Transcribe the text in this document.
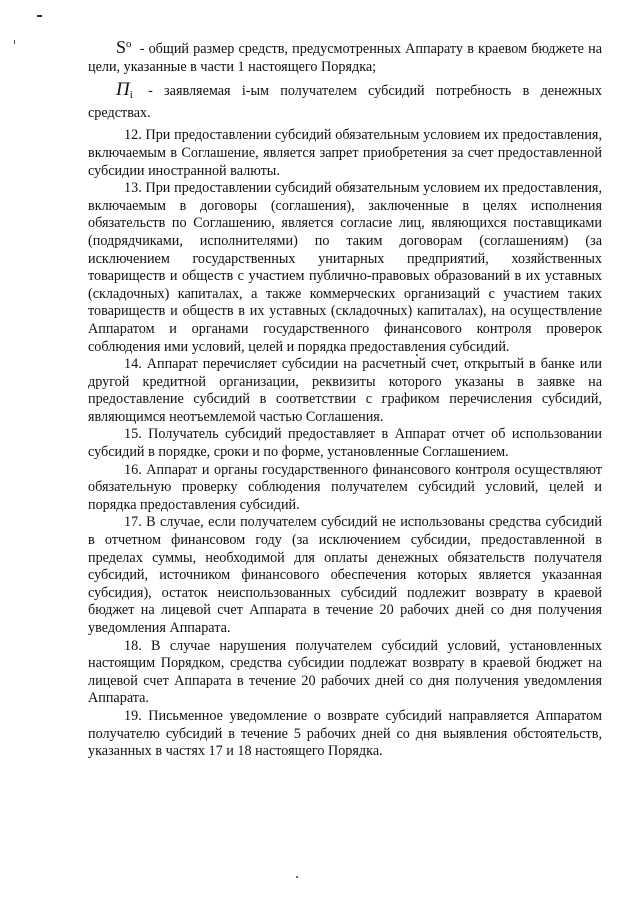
$S^о$ - общий размер средств, предусмотренных Аппарату в краевом бюджете на цели, указанные в части 1 настоящего Порядка;

$П_i$ - заявляемая i-ым получателем субсидий потребность в денежных средствах.

12. При предоставлении субсидий обязательным условием их предоставления, включаемым в Соглашение, является запрет приобретения за счет предоставленной субсидии иностранной валюты.

13. При предоставлении субсидий обязательным условием их предоставления, включаемым в договоры (соглашения), заключенные в целях исполнения обязательств по Соглашению, является согласие лиц, являющихся поставщиками (подрядчиками, исполнителями) по таким договорам (соглашениям) (за исключением государственных унитарных предприятий, хозяйственных товариществ и обществ с участием публично-правовых образований в их уставных (складочных) капиталах, а также коммерческих организаций с участием таких товариществ и обществ в их уставных (складочных) капиталах), на осуществление Аппаратом и органами государственного финансового контроля проверок соблюдения ими условий, целей и порядка предоставления субсидий.

14. Аппарат перечисляет субсидии на расчетный счет, открытый в банке или другой кредитной организации, реквизиты которого указаны в заявке на предоставление субсидий в соответствии с графиком перечисления субсидий, являющимся неотъемлемой частью Соглашения.

15. Получатель субсидий предоставляет в Аппарат отчет об использовании субсидий в порядке, сроки и по форме, установленные Соглашением.

16. Аппарат и органы государственного финансового контроля осуществляют обязательную проверку соблюдения получателем субсидий условий, целей и порядка предоставления субсидий.

17. В случае, если получателем субсидий не использованы средства субсидий в отчетном финансовом году (за исключением субсидии, предоставленной в пределах суммы, необходимой для оплаты денежных обязательств получателя субсидий, источником финансового обеспечения которых является указанная субсидия), остаток неиспользованных субсидий подлежит возврату в краевой бюджет на лицевой счет Аппарата в течение 20 рабочих дней со дня получения уведомления Аппарата.

18. В случае нарушения получателем субсидий условий, установленных настоящим Порядком, средства субсидии подлежат возврату в краевой бюджет на лицевой счет Аппарата в течение 20 рабочих дней со дня получения уведомления Аппарата.

19. Письменное уведомление о возврате субсидий направляется Аппаратом получателю субсидий в течение 5 рабочих дней со дня выявления обстоятельств, указанных в частях 17 и 18 настоящего Порядка.
